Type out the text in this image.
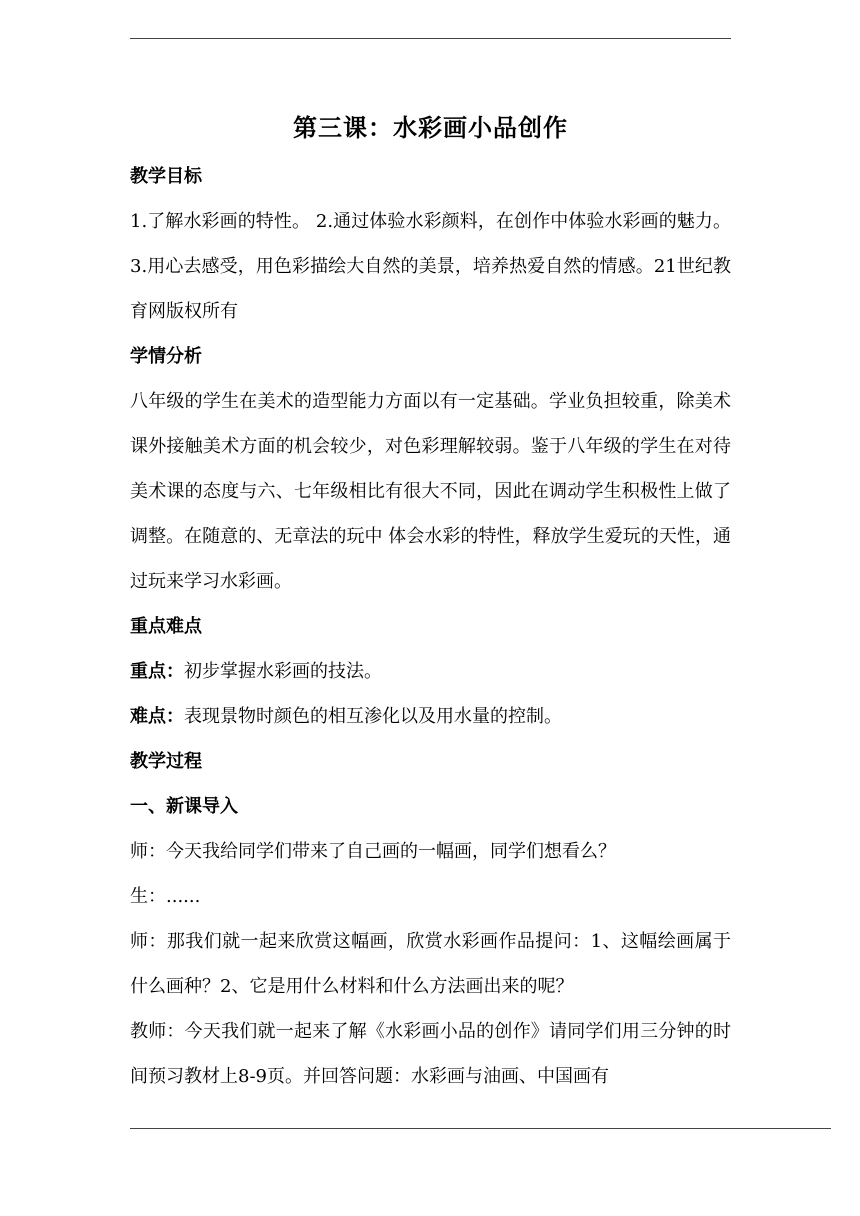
第三课：水彩画小品创作

教学目标

1.了解水彩画的特性。 2.通过体验水彩颜料，在创作中体验水彩画的魅力。 3.用心去感受，用色彩描绘大自然的美景，培养热爱自然的情感。21世纪教育网版权所有

学情分析

八年级的学生在美术的造型能力方面以有一定基础。学业负担较重，除美术课外接触美术方面的机会较少，对色彩理解较弱。鉴于八年级的学生在对待美术课的态度与六、七年级相比有很大不同，因此在调动学生积极性上做了调整。在随意的、无章法的玩中 体会水彩的特性，释放学生爱玩的天性，通过玩来学习水彩画。

重点难点

重点：初步掌握水彩画的技法。

难点：表现景物时颜色的相互渗化以及用水量的控制。

教学过程

一、新课导入

师：今天我给同学们带来了自己画的一幅画，同学们想看么？

生：......

师：那我们就一起来欣赏这幅画，欣赏水彩画作品提问：1、这幅绘画属于什么画种？2、它是用什么材料和什么方法画出来的呢？

教师：今天我们就一起来了解《水彩画小品的创作》请同学们用三分钟的时间预习教材上8-9页。并回答问题：水彩画与油画、中国画有
